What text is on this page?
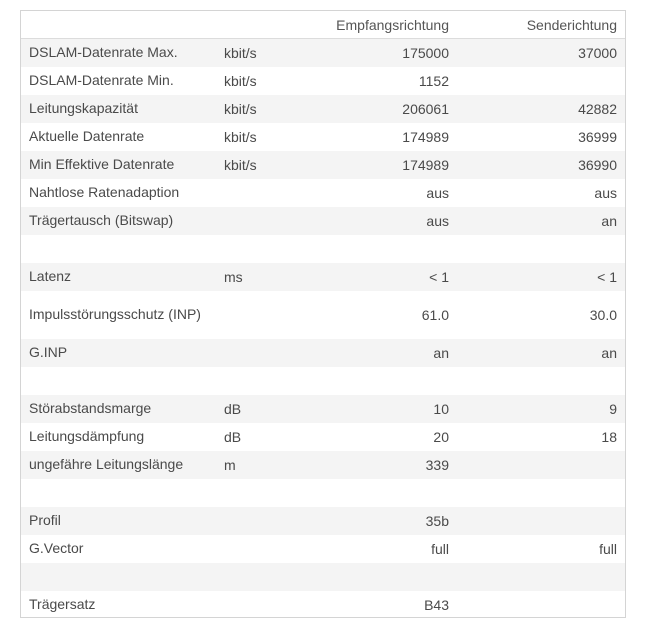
		Empfangsrichtung	Senderichtung
DSLAM-Datenrate Max.	kbit/s	175000	37000
DSLAM-Datenrate Min.	kbit/s	1152	
Leitungskapazität	kbit/s	206061	42882
Aktuelle Datenrate	kbit/s	174989	36999
Min Effektive Datenrate	kbit/s	174989	36990
Nahtlose Ratenadaption		aus	aus
Trägertausch (Bitswap)		aus	an

Latenz	ms	< 1	< 1
Impulsstörungsschutz (INP)		61.0	30.0
G.INP		an	an

Störabstandsmarge	dB	10	9
Leitungsdämpfung	dB	20	18
ungefähre Leitungslänge	m	339	

Profil		35b	
G.Vector		full	full

Trägersatz		B43	
